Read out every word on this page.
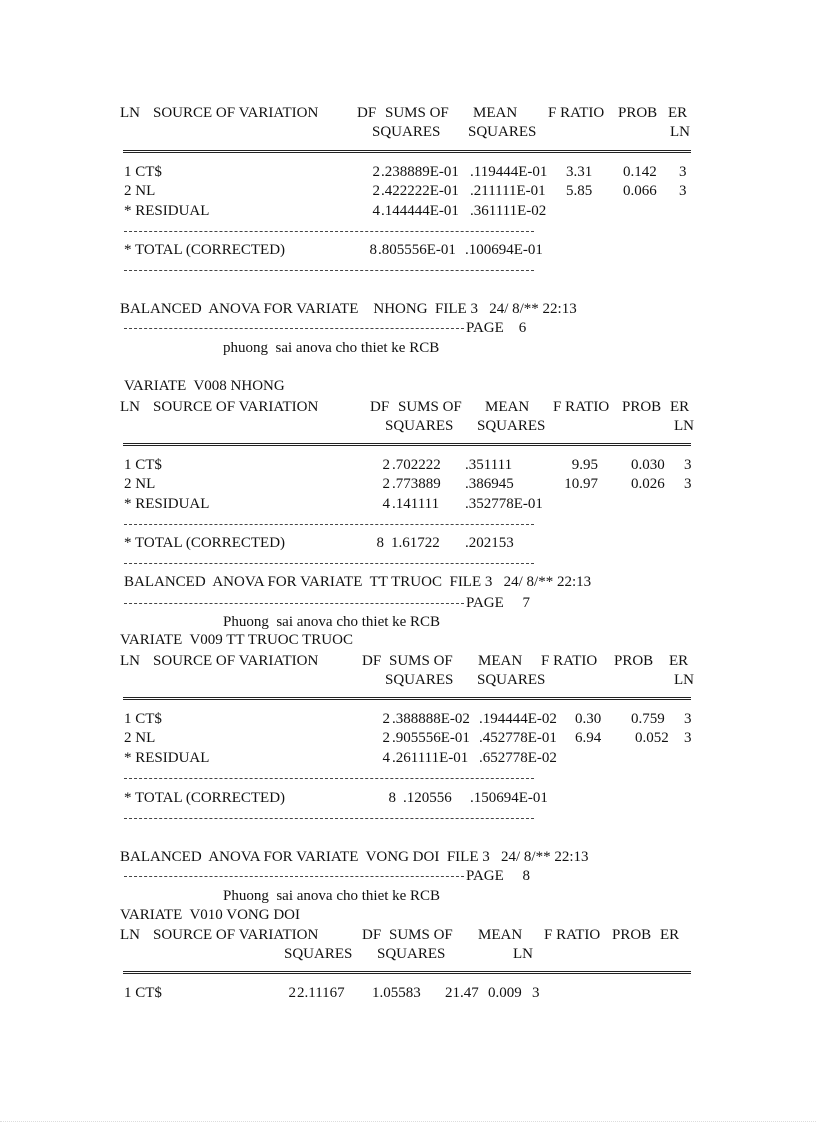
LN SOURCE OF VARIATION	DF SUMS OF MEAN F RATIO PROB ER
SQUARES SQUARES	LN
1 CT$	2 .238889E-01 .119444E-01 3.31 0.142 3
2 NL	2 .422222E-01 .211111E-01 5.85 0.066 3
* RESIDUAL	4 .144444E-01 .361111E-02
* TOTAL (CORRECTED)	8 .805556E-01 .100694E-01
BALANCED  ANOVA FOR VARIATE    NHONG  FILE 3   24/ 8/** 22:13
PAGE    6
phuong  sai anova cho thiet ke RCB
VARIATE  V008 NHONG
LN SOURCE OF VARIATION	DF SUMS OF MEAN F RATIO PROB ER
SQUARES SQUARES	LN
1 CT$	2 .702222 .351111	9.95 0.030 3
2 NL	2 .773889 .386945	10.97 0.026 3
* RESIDUAL	4 .141111 .352778E-01
* TOTAL (CORRECTED)	8 1.61722 .202153
BALANCED  ANOVA FOR VARIATE  TT TRUOC  FILE 3   24/ 8/** 22:13
PAGE     7
Phuong  sai anova cho thiet ke RCB
VARIATE  V009 TT TRUOC TRUOC
LN SOURCE OF VARIATION	DF SUMS OF MEAN F RATIO PROB ER
SQUARES SQUARES	LN
1 CT$	2 .388888E-02 .194444E-02 0.30 0.759 3
2 NL	2 .905556E-01 .452778E-01 6.94 0.052 3
* RESIDUAL	4 .261111E-01 .652778E-02
* TOTAL (CORRECTED)	8 .120556 .150694E-01
BALANCED  ANOVA FOR VARIATE  VONG DOI  FILE 3   24/ 8/** 22:13
PAGE     8
Phuong  sai anova cho thiet ke RCB
VARIATE  V010 VONG DOI
LN SOURCE OF VARIATION	DF SUMS OF MEAN F RATIO PROB ER
SQUARES SQUARES	LN
1 CT$	2 2.11167 1.05583 21.47 0.009 3
